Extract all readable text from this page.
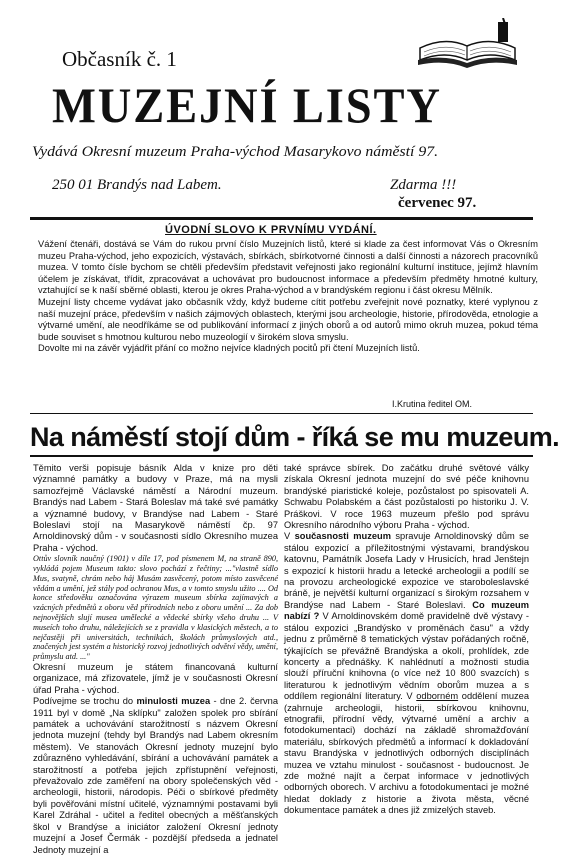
Občasník č. 1
MUZEJNÍ LISTY
Vydává Okresní muzeum Praha-východ Masarykovo náměstí 97.
250 01 Brandýs nad Labem.	Zdarma !!!
červenec 97.
ÚVODNÍ SLOVO K PRVNÍMU VYDÁNÍ.

Vážení čtenáři, dostává se Vám do rukou první číslo Muzejních listů, které si klade za čest informovat Vás o Okresním muzeu Praha-východ, jeho expozicích, výstavách, sbírkách, sbírkotvorné činnosti a další činnosti a názorech pracovníků muzea. V tomto čísle bychom se chtěli především představit veřejnosti jako regionální kulturní instituce, jejímž hlavním účelem je získávat, třídit, zpracovávat a uchovávat pro budoucnost informace a především předměty hmotné kultury, vztahující se k naší sběrné oblasti, kterou je okres Praha-východ a v brandýském regionu i část okresu Mělník.

Muzejní listy chceme vydávat jako občasník vždy, když budeme cítit potřebu zveřejnit nové poznatky, které vyplynou z naší muzejní práce, především v našich zájmových oblastech, kterými jsou archeologie, historie, přírodověda, etnologie a výtvarné umění, ale neodříkáme se od publikování informací z jiných oborů a od autorů mimo okruh muzea, pokud téma bude souviset s hmotnou kulturou nebo muzeologií v širokém slova smyslu.

Dovolte mi na závěr vyjádřit přání co možno nejvíce kladných pocitů při čtení Muzejních listů.

I.Krutina ředitel OM.
Na náměstí stojí dům - říká se mu muzeum.

Těmito verši popisuje básník Alda v knize pro děti významné památky a budovy v Praze, má na mysli samozřejmě Václavské náměstí a Národní muzeum. Brandýs nad Labem - Stará Boleslav má také své památky a významné budovy, v Brandýse nad Labem - Staré Boleslavi stojí na Masarykově náměstí čp. 97 Arnoldinovský dům - v současnosti sídlo Okresního muzea Praha - východ.

Ottův slovník naučný (1901) v díle 17, pod písmenem M, na straně 890, vykládá pojem Museum takto: slovo pochází z řečtiny; ..."vlastně sídlo Mus, svatyně, chrám nebo háj Musám zasvěcený, potom místo zasvěcené vědám a umění, jež stály pod ochranou Mus, a v tomto smyslu užito .... Od konce středověku označována výrazem museum sbírka zajímavých a vzácných předmětů z oboru věd přírodních nebo z oboru umění ... Za dob nejnovějších slují musea umělecké a vědecké sbírky všeho druhu ... V museích toho druhu, náležejících se z pravidla v klasických městech, a to nejčastěji při universitách, technikách, školách průmyslových atd., značených jest systém a historický rozvoj jednotlivých odvětví vědy, umění, průmyslu atd. ..."

Okresní muzeum je státem financovaná kulturní organizace, má zřizovatele, jímž je v současnosti Okresní úřad Praha - východ.

Podívejme se trochu do minulosti muzea - dne 2. června 1911 byl v domě „Na sklípku" založen spolek pro sbírání památek a uchovávání starožitností s názvem Okresní jednota muzejní (tehdy byl Brandýs nad Labem okresním městem). Ve stanovách Okresní jednoty muzejní bylo zdůrazněno vyhledávání, sbírání a uchovávání památek a starožitností a potřeba jejich zpřístupnění veřejnosti, převažovalo zde zaměření na obory společenských věd - archeologii, historii, národopis. Péči o sbírkové předměty byli pověřováni místní učitelé, významnými postavami byli Karel Zdráhal - učitel a ředitel obecných a měšťanských škol v Brandýse a iniciátor založení Okresní jednoty muzejní a Josef Čermák - pozdější předseda a jednatel Jednoty muzejní a

také správce sbírek. Do začátku druhé světové války získala Okresní jednota muzejní do své péče knihovnu brandýské piaristické koleje, pozůstalost po spisovateli A. Schwabu Polabském a část pozůstalosti po historiku J. V. Práškovi. V roce 1963 muzeum přešlo pod správu Okresního národního výboru Praha - východ.

V současnosti muzeum spravuje Arnoldinovský dům se stálou expozicí a příležitostnými výstavami, brandýskou katovnu, Památník Josefa Lady v Hrusicích, hrad Jenštejn s expozicí k historii hradu a letecké archeologii a podílí se na provozu archeologické expozice ve staroboleslavské bráně, je největší kulturní organizací s širokým rozsahem v Brandýse nad Labem - Staré Boleslavi. Co muzeum nabízí ? V Arnoldinovském domě pravidelně dvě výstavy - stálou expozici „Brandýsko v proměnách času" a vždy jednu z průměrně 8 tematických výstav pořádaných ročně, týkajících se převážně Brandýska a okolí, prohlídek, zde koncerty a přednášky. K nahlédnutí a možnosti studia slouží příruční knihovna (o více než 10 800 svazcích) s literaturou k jednotlivým vědním oborům muzea a s oddílem regionální literatury. V odborném oddělení muzea (zahrnuje archeologii, historii, sbírkovou knihovnu, etnografii, přírodní vědy, výtvarné umění a archiv a fotodokumentaci) dochází na základě shromažďování materiálu, sbírkových předmětů a informací k dokladování stavu Brandýska v jednotlivých odborných disciplínách muzea ve vztahu minulost - současnost - budoucnost. Je zde možné najít a čerpat informace v jednotlivých odborných oborech. V archivu a fotodokumentaci je možné hledat doklady z historie a života města, věcné dokumentace památek a dnes již zmizelých staveb.
